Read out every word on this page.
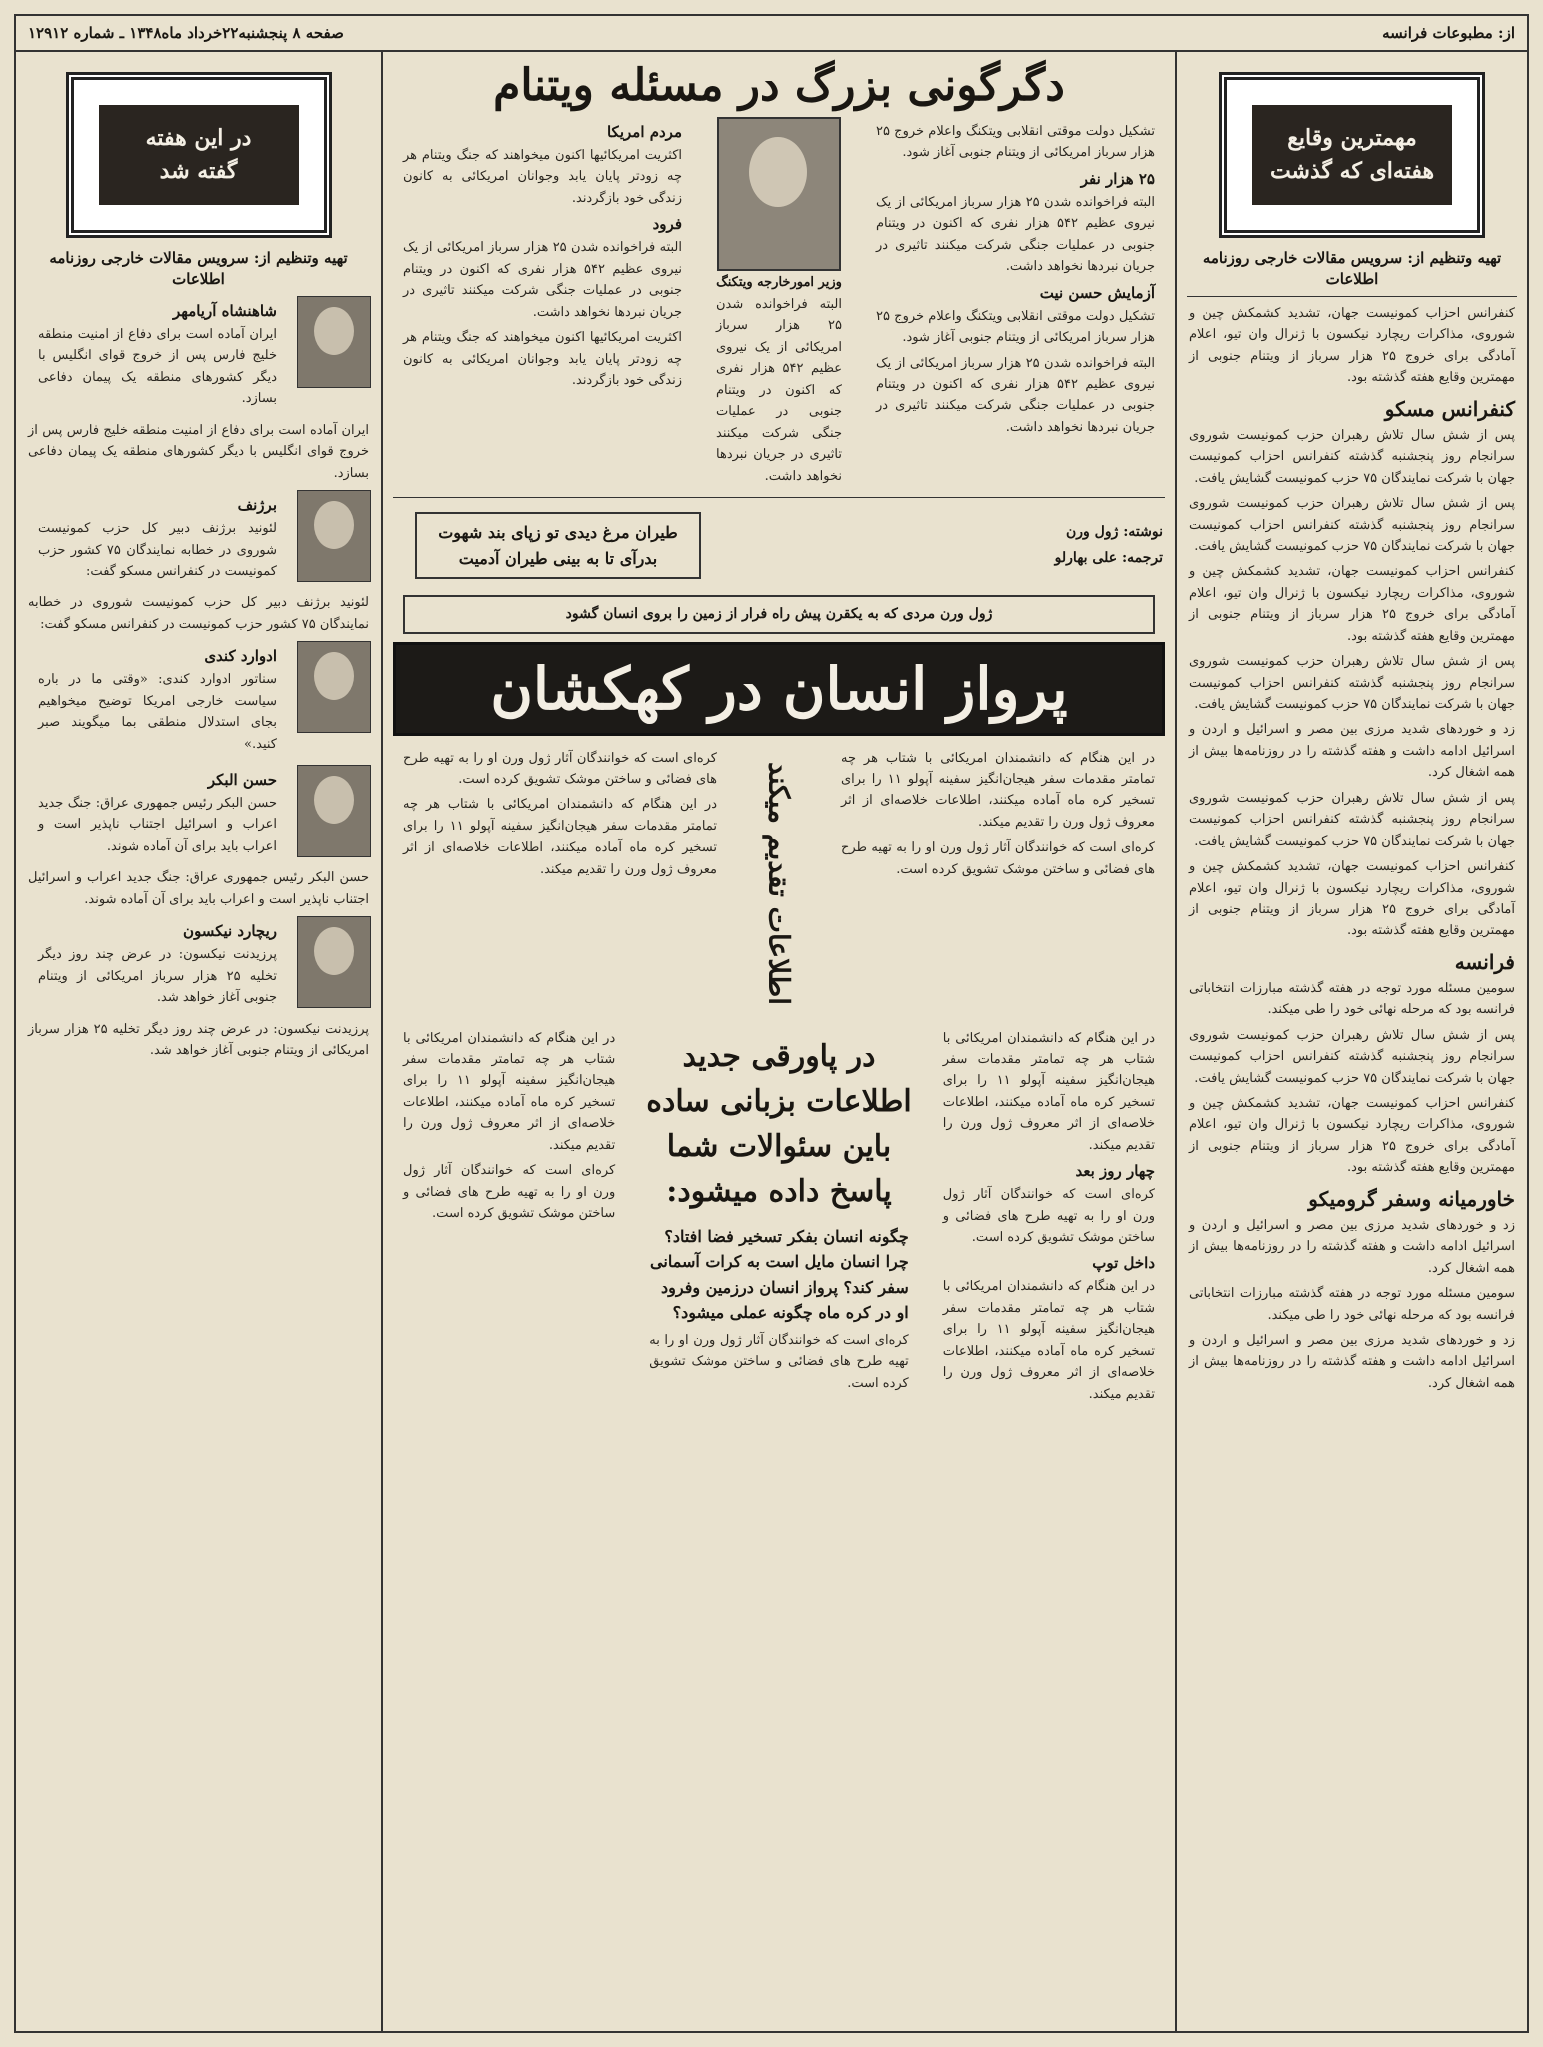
از: مطبوعات فرانسه
صفحه ۸ پنجشنبه۲۲خرداد ماه۱۳۴۸ ـ شماره ۱۲۹۱۲
مهمترین وقایع
هفته‌ای که گذشت
تهیه وتنظیم از: سرویس مقالات خارجی روزنامه اطلاعات
کنفرانس احزاب کمونیست جهان، تشدید کشمکش چین و شوروی، مذاکرات ریچارد نیکسون با ژنرال وان تیو، اعلام آمادگی برای خروج ۲۵ هزار سرباز از ویتنام جنوبی از مهمترین وقایع هفته گذشته بود.
کنفرانس مسکو
پس از شش سال تلاش رهبران حزب کمونیست شوروی سرانجام روز پنجشنبه گذشته کنفرانس احزاب کمونیست جهان با شرکت نمایندگان ۷۵ حزب کمونیست گشایش یافت.
پس از شش سال تلاش رهبران حزب کمونیست شوروی سرانجام روز پنجشنبه گذشته کنفرانس احزاب کمونیست جهان با شرکت نمایندگان ۷۵ حزب کمونیست گشایش یافت.
کنفرانس احزاب کمونیست جهان، تشدید کشمکش چین و شوروی، مذاکرات ریچارد نیکسون با ژنرال وان تیو، اعلام آمادگی برای خروج ۲۵ هزار سرباز از ویتنام جنوبی از مهمترین وقایع هفته گذشته بود.
پس از شش سال تلاش رهبران حزب کمونیست شوروی سرانجام روز پنجشنبه گذشته کنفرانس احزاب کمونیست جهان با شرکت نمایندگان ۷۵ حزب کمونیست گشایش یافت.
زد و خوردهای شدید مرزی بین مصر و اسرائیل و اردن و اسرائیل ادامه داشت و هفته گذشته را در روزنامه‌ها بیش از همه اشغال کرد.
پس از شش سال تلاش رهبران حزب کمونیست شوروی سرانجام روز پنجشنبه گذشته کنفرانس احزاب کمونیست جهان با شرکت نمایندگان ۷۵ حزب کمونیست گشایش یافت.
کنفرانس احزاب کمونیست جهان، تشدید کشمکش چین و شوروی، مذاکرات ریچارد نیکسون با ژنرال وان تیو، اعلام آمادگی برای خروج ۲۵ هزار سرباز از ویتنام جنوبی از مهمترین وقایع هفته گذشته بود.
فرانسه
سومین مسئله مورد توجه در هفته گذشته مبارزات انتخاباتی فرانسه بود که مرحله نهائی خود را طی میکند.
پس از شش سال تلاش رهبران حزب کمونیست شوروی سرانجام روز پنجشنبه گذشته کنفرانس احزاب کمونیست جهان با شرکت نمایندگان ۷۵ حزب کمونیست گشایش یافت.
کنفرانس احزاب کمونیست جهان، تشدید کشمکش چین و شوروی، مذاکرات ریچارد نیکسون با ژنرال وان تیو، اعلام آمادگی برای خروج ۲۵ هزار سرباز از ویتنام جنوبی از مهمترین وقایع هفته گذشته بود.
خاورمیانه وسفر گرومیکو
زد و خوردهای شدید مرزی بین مصر و اسرائیل و اردن و اسرائیل ادامه داشت و هفته گذشته را در روزنامه‌ها بیش از همه اشغال کرد.
سومین مسئله مورد توجه در هفته گذشته مبارزات انتخاباتی فرانسه بود که مرحله نهائی خود را طی میکند.
زد و خوردهای شدید مرزی بین مصر و اسرائیل و اردن و اسرائیل ادامه داشت و هفته گذشته را در روزنامه‌ها بیش از همه اشغال کرد.
دگرگونی بزرگ در مسئله ویتنام
تشکیل دولت موقتی انقلابی ویتکنگ واعلام خروج ۲۵ هزار سرباز امریکائی از ویتنام جنوبی آغاز شود.
۲۵ هزار نفر
البته فراخوانده شدن ۲۵ هزار سرباز امریکائی از یک نیروی عظیم ۵۴۲ هزار نفری که اکنون در ویتنام جنوبی در عملیات جنگی شرکت میکنند تاثیری در جریان نبردها نخواهد داشت.
آزمایش حسن نیت
تشکیل دولت موقتی انقلابی ویتکنگ واعلام خروج ۲۵ هزار سرباز امریکائی از ویتنام جنوبی آغاز شود.
البته فراخوانده شدن ۲۵ هزار سرباز امریکائی از یک نیروی عظیم ۵۴۲ هزار نفری که اکنون در ویتنام جنوبی در عملیات جنگی شرکت میکنند تاثیری در جریان نبردها نخواهد داشت.
وزیر امورخارجه ویتکنگ
البته فراخوانده شدن ۲۵ هزار سرباز امریکائی از یک نیروی عظیم ۵۴۲ هزار نفری که اکنون در ویتنام جنوبی در عملیات جنگی شرکت میکنند تاثیری در جریان نبردها نخواهد داشت.
مردم امریکا
اکثریت امریکائیها اکنون میخواهند که جنگ ویتنام هر چه زودتر پایان یابد وجوانان امریکائی به کانون زندگی خود بازگردند.
فرود
البته فراخوانده شدن ۲۵ هزار سرباز امریکائی از یک نیروی عظیم ۵۴۲ هزار نفری که اکنون در ویتنام جنوبی در عملیات جنگی شرکت میکنند تاثیری در جریان نبردها نخواهد داشت.
اکثریت امریکائیها اکنون میخواهند که جنگ ویتنام هر چه زودتر پایان یابد وجوانان امریکائی به کانون زندگی خود بازگردند.
نوشته: ژول ورن
ترجمه: علی بهارلو
طیران مرغ دیدی تو زپای بند شهوت بدرآی تا به بینی طیران آدمیت
ژول ورن مردی که به یکقرن پیش راه فرار از زمین را بروی انسان گشود
پرواز انسان در کهکشان
در این هنگام که دانشمندان امریکائی با شتاب هر چه تمامتر مقدمات سفر هیجان‌انگیز سفینه آپولو ۱۱ را برای تسخیر کره ماه آماده میکنند، اطلاعات خلاصه‌ای از اثر معروف ژول ورن را تقدیم میکند.
کره‌ای است که خوانندگان آثار ژول ورن او را به تهیه طرح های فضائی و ساختن موشک تشویق کرده است.
اطلاعات تقدیم میکند
کره‌ای است که خوانندگان آثار ژول ورن او را به تهیه طرح های فضائی و ساختن موشک تشویق کرده است.
در این هنگام که دانشمندان امریکائی با شتاب هر چه تمامتر مقدمات سفر هیجان‌انگیز سفینه آپولو ۱۱ را برای تسخیر کره ماه آماده میکنند، اطلاعات خلاصه‌ای از اثر معروف ژول ورن را تقدیم میکند.
در این هنگام که دانشمندان امریکائی با شتاب هر چه تمامتر مقدمات سفر هیجان‌انگیز سفینه آپولو ۱۱ را برای تسخیر کره ماه آماده میکنند، اطلاعات خلاصه‌ای از اثر معروف ژول ورن را تقدیم میکند.
چهار روز بعد
کره‌ای است که خوانندگان آثار ژول ورن او را به تهیه طرح های فضائی و ساختن موشک تشویق کرده است.
داخل توپ
در این هنگام که دانشمندان امریکائی با شتاب هر چه تمامتر مقدمات سفر هیجان‌انگیز سفینه آپولو ۱۱ را برای تسخیر کره ماه آماده میکنند، اطلاعات خلاصه‌ای از اثر معروف ژول ورن را تقدیم میکند.
در پاورقی جدید اطلاعات بزبانی ساده باین سئوالات شما پاسخ داده میشود:
چگونه انسان بفکر تسخیر فضا افتاد؟ چرا انسان مایل است به کرات آسمانی سفر کند؟ پرواز انسان درزمین وفرود او در کره ماه چگونه عملی میشود؟
کره‌ای است که خوانندگان آثار ژول ورن او را به تهیه طرح های فضائی و ساختن موشک تشویق کرده است.
در این هنگام که دانشمندان امریکائی با شتاب هر چه تمامتر مقدمات سفر هیجان‌انگیز سفینه آپولو ۱۱ را برای تسخیر کره ماه آماده میکنند، اطلاعات خلاصه‌ای از اثر معروف ژول ورن را تقدیم میکند.
کره‌ای است که خوانندگان آثار ژول ورن او را به تهیه طرح های فضائی و ساختن موشک تشویق کرده است.
در این هفته
گفته شد
تهیه وتنظیم از: سرویس مقالات خارجی روزنامه اطلاعات
شاهنشاه آریامهر
ایران آماده است برای دفاع از امنیت منطقه خلیج فارس پس از خروج قوای انگلیس با دیگر کشورهای منطقه یک پیمان دفاعی بسازد.
ایران آماده است برای دفاع از امنیت منطقه خلیج فارس پس از خروج قوای انگلیس با دیگر کشورهای منطقه یک پیمان دفاعی بسازد.
برژنف
لئونید برژنف دبیر کل حزب کمونیست شوروی در خطابه نمایندگان ۷۵ کشور حزب کمونیست در کنفرانس مسکو گفت:
لئونید برژنف دبیر کل حزب کمونیست شوروی در خطابه نمایندگان ۷۵ کشور حزب کمونیست در کنفرانس مسکو گفت:
ادوارد کندی
سناتور ادوارد کندی: «وقتی ما در باره سیاست خارجی امریکا توضیح میخواهیم بجای استدلال منطقی بما میگویند صبر کنید.»
حسن البکر
حسن البکر رئیس جمهوری عراق: جنگ جدید اعراب و اسرائیل اجتناب ناپذیر است و اعراب باید برای آن آماده شوند.
حسن البکر رئیس جمهوری عراق: جنگ جدید اعراب و اسرائیل اجتناب ناپذیر است و اعراب باید برای آن آماده شوند.
ریچارد نیکسون
پرزیدنت نیکسون: در عرض چند روز دیگر تخلیه ۲۵ هزار سرباز امریکائی از ویتنام جنوبی آغاز خواهد شد.
پرزیدنت نیکسون: در عرض چند روز دیگر تخلیه ۲۵ هزار سرباز امریکائی از ویتنام جنوبی آغاز خواهد شد.
